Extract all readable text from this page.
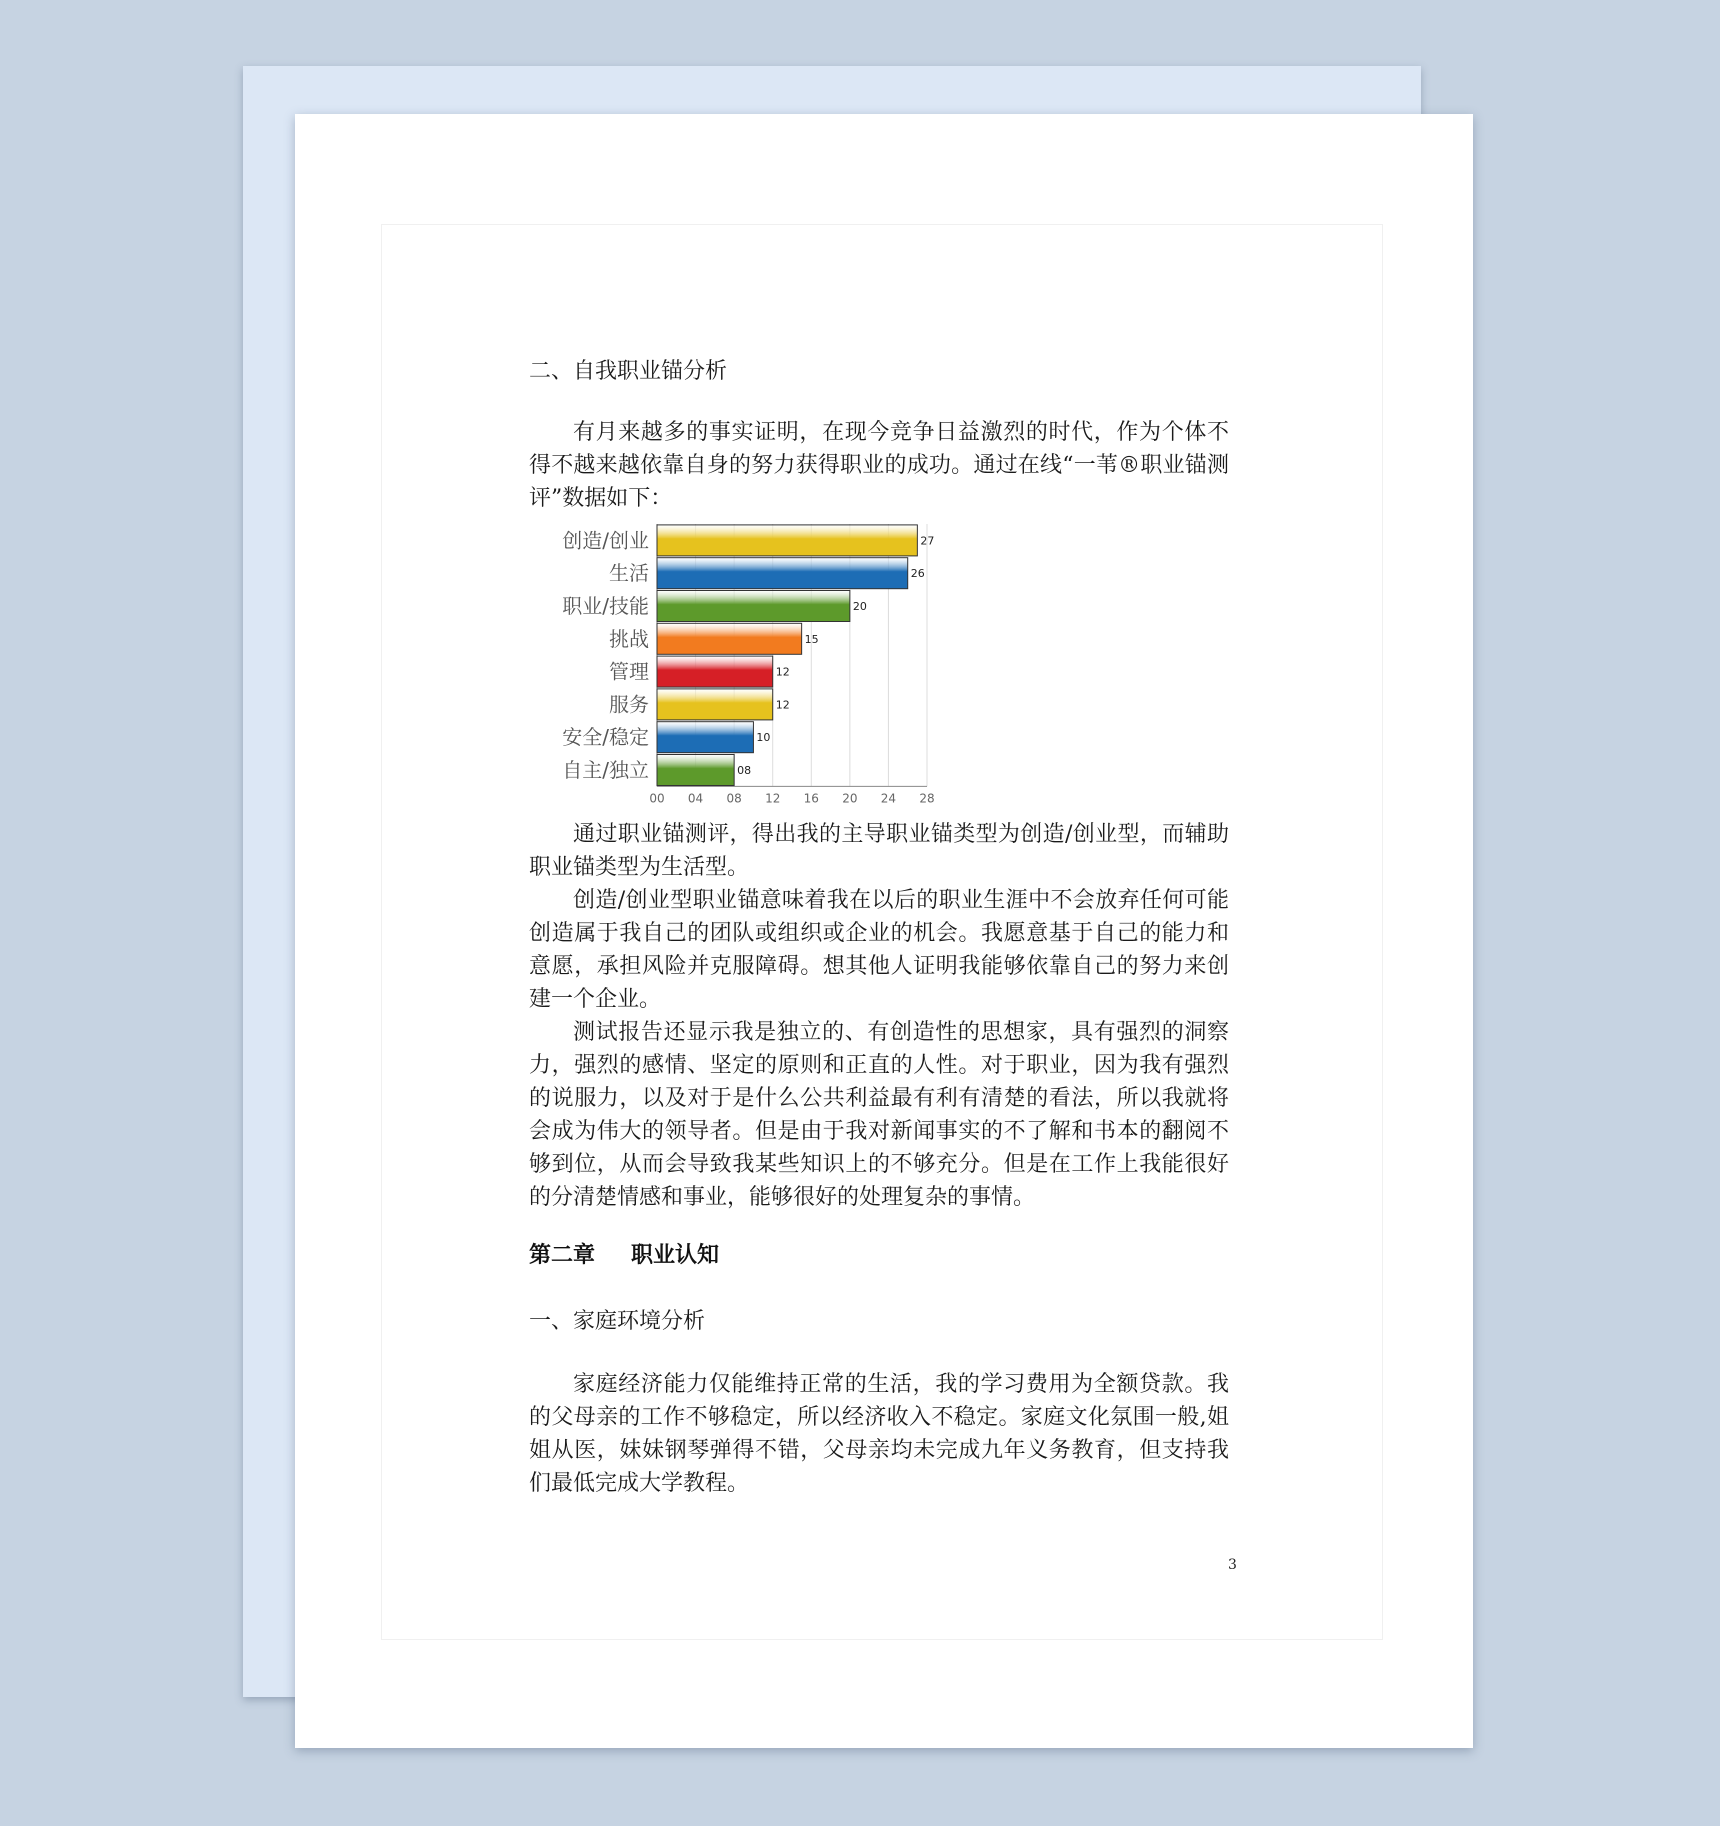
二、自我职业锚分析

有月来越多的事实证明，在现今竞争日益激烈的时代，作为个体不得不越来越依靠自身的努力获得职业的成功。通过在线“一苇®职业锚测评”数据如下：

00 04 08 12 16 20 24 28
创造/创业	27
生活	26
职业/技能	20
挑战	15
管理	12
服务	12
安全/稳定	10
自主/独立	08

通过职业锚测评，得出我的主导职业锚类型为创造/创业型，而辅助职业锚类型为生活型。

创造/创业型职业锚意味着我在以后的职业生涯中不会放弃任何可能创造属于我自己的团队或组织或企业的机会。我愿意基于自己的能力和意愿，承担风险并克服障碍。想其他人证明我能够依靠自己的努力来创建一个企业。

测试报告还显示我是独立的、有创造性的思想家，具有强烈的洞察力，强烈的感情、坚定的原则和正直的人性。对于职业，因为我有强烈的说服力，以及对于是什么公共利益最有利有清楚的看法，所以我就将会成为伟大的领导者。但是由于我对新闻事实的不了解和书本的翻阅不够到位，从而会导致我某些知识上的不够充分。但是在工作上我能很好的分清楚情感和事业，能够很好的处理复杂的事情。

第二章 职业认知
一、家庭环境分析

家庭经济能力仅能维持正常的生活，我的学习费用为全额贷款。我的父母亲的工作不够稳定，所以经济收入不稳定。家庭文化氛围一般,姐姐从医，妹妹钢琴弹得不错，父母亲均未完成九年义务教育，但支持我们最低完成大学教程。

3
